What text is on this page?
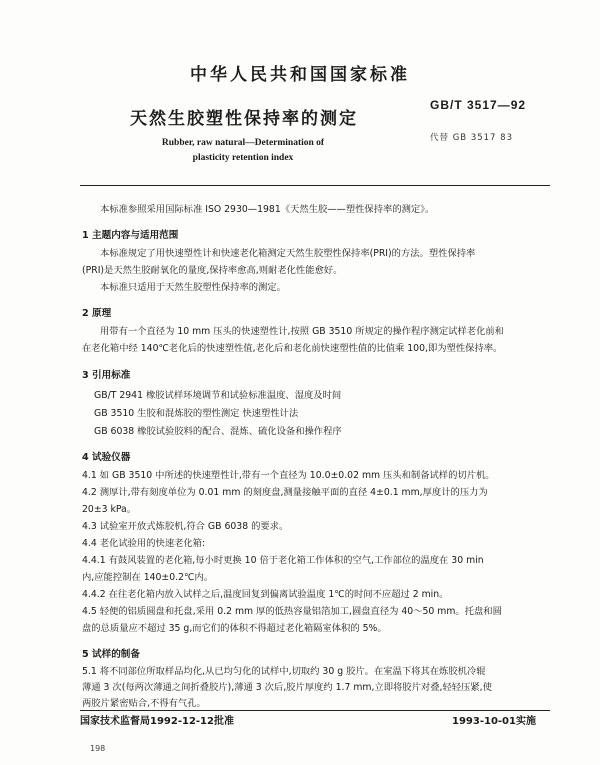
中华人民共和国国家标准
天然生胶塑性保持率的测定
GB/T 3517—92
代替 GB 3517 83
Rubber, raw natural—Determination of
plasticity retention index
本标准参照采用国际标准 ISO 2930—1981《天然生胶——塑性保持率的测定》。
1 主题内容与适用范围
本标准规定了用快速塑性计和快速老化箱测定天然生胶塑性保持率(PRI)的方法。塑性保持率
(PRI)是天然生胶耐氧化的量度,保持率愈高,则耐老化性能愈好。
本标准只适用于天然生胶塑性保持率的测定。
2 原理
用带有一个直径为 10 mm 压头的快速塑性计,按照 GB 3510 所规定的操作程序测定试样老化前和
在老化箱中经 140℃老化后的快速塑性值,老化后和老化前快速塑性值的比值乘 100,即为塑性保持率。
3 引用标准
GB/T 2941 橡胶试样环境调节和试验标准温度、湿度及时间
GB 3510 生胶和混炼胶的塑性测定 快速塑性计法
GB 6038 橡胶试验胶料的配合、混炼、硫化设备和操作程序
4 试验仪器
4.1 如 GB 3510 中所述的快速塑性计,带有一个直径为 10.0±0.02 mm 压头和制备试样的切片机。
4.2 测厚计,带有刻度单位为 0.01 mm 的刻度盘,测量接触平面的直径 4±0.1 mm,厚度计的压力为
20±3 kPa。
4.3 试验室开放式炼胶机,符合 GB 6038 的要求。
4.4 老化试验用的快速老化箱:
4.4.1 有鼓风装置的老化箱,每小时更换 10 倍于老化箱工作体积的空气,工作部位的温度在 30 min
内,应能控制在 140±0.2℃内。
4.4.2 在往老化箱内放入试样之后,温度回复到偏离试验温度 1℃的时间不应超过 2 min。
4.5 轻便的铝质圆盘和托盘,采用 0.2 mm 厚的低热容量铝箔加工,圆盘直径为 40～50 mm。托盘和圆
盘的总质量应不超过 35 g,而它们的体积不得超过老化箱隔室体积的 5%。
5 试样的制备
5.1 将不同部位所取样品均化,从已均匀化的试样中,切取约 30 g 胶片。在室温下将其在炼胶机冷辊
薄通 3 次(每两次薄通之间折叠胶片),薄通 3 次后,胶片厚度约 1.7 mm,立即将胶片对叠,轻轻压紧,使
两胶片紧密贴合,不得有气孔。
国家技术监督局1992-12-12批准	1993-10-01实施
198
